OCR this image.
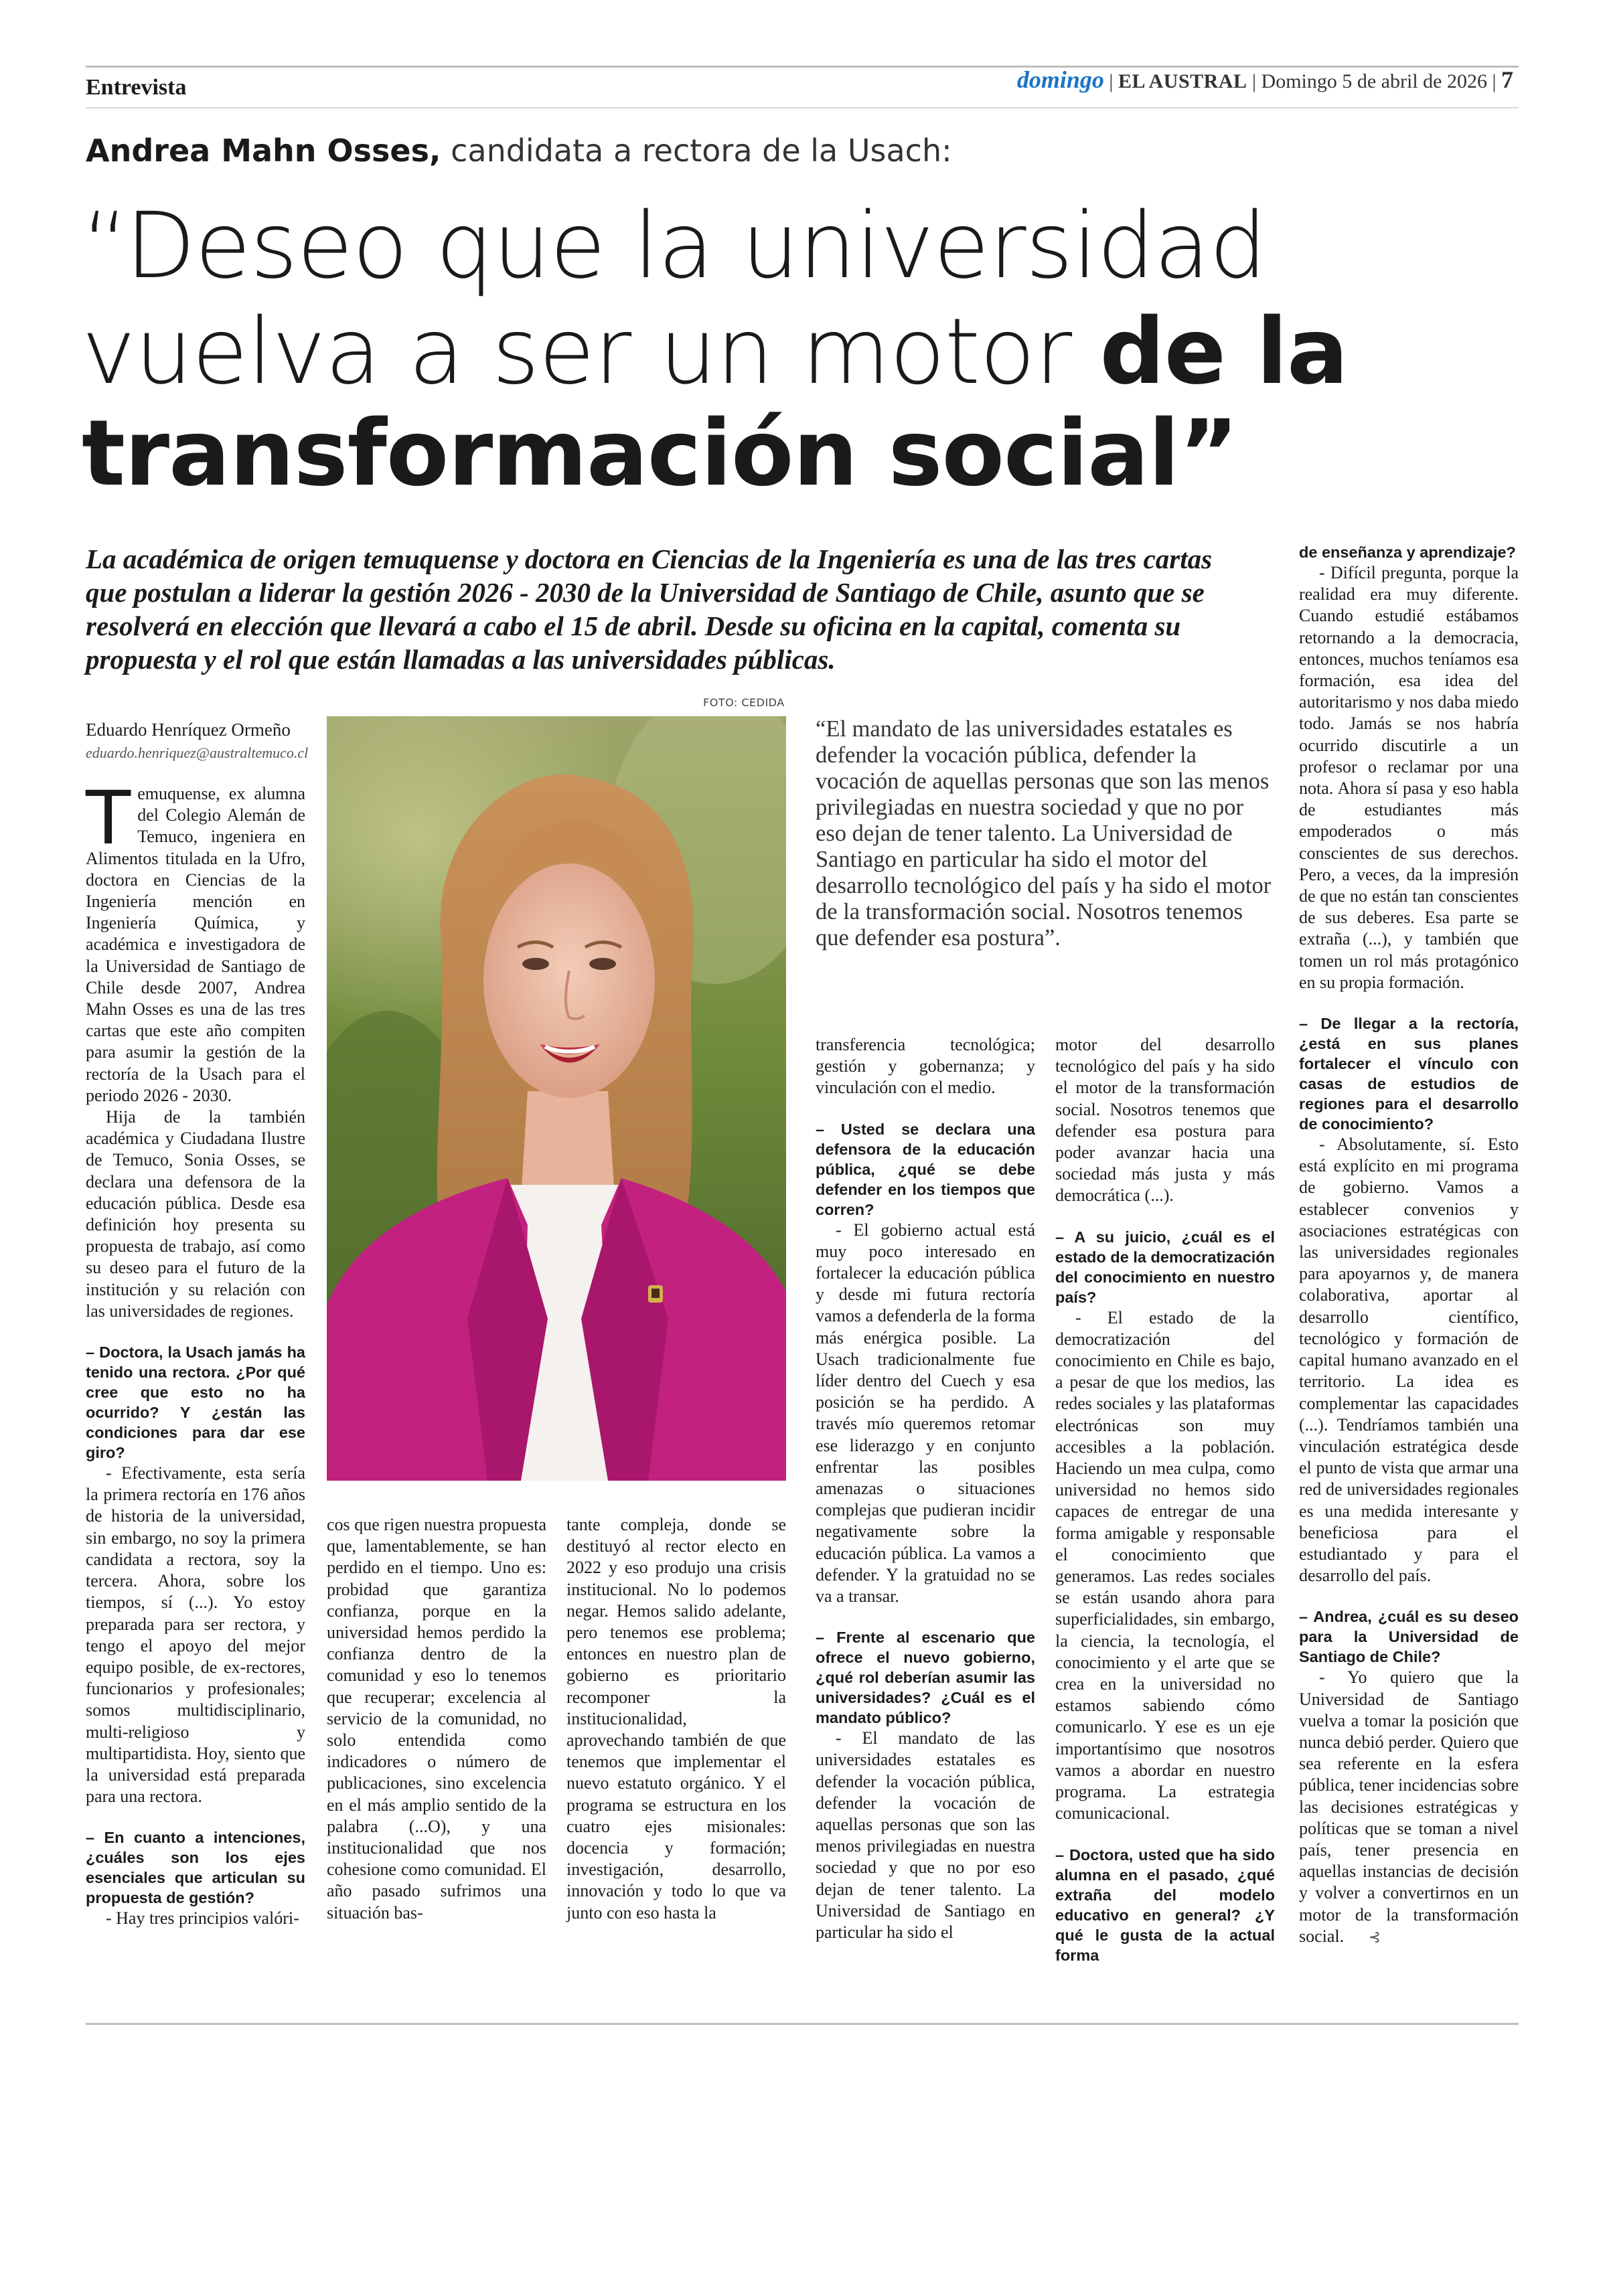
Entrevista	domingo | EL AUSTRAL | Domingo 5 de abril de 2026 | 7
Andrea Mahn Osses, candidata a rectora de la Usach:
“Deseo que la universidad
vuelva a ser un motor de la
transformación social”
La académica de origen temuquense y doctora en Ciencias de la Ingeniería es una de las tres cartas que postulan a liderar la gestión 2026 - 2030 de la Universidad de Santiago de Chile, asunto que se resolverá en elección que llevará a cabo el 15 de abril. Desde su oficina en la capital, comenta su propuesta y el rol que están llamadas a las universidades públicas.
FOTO: CEDIDA
Eduardo Henríquez Ormeño
eduardo.henriquez@australtemuco.cl
“El mandato de las universidades estatales es defender la vocación pública, defender la vocación de aquellas personas que son las menos privilegiadas en nuestra sociedad y que no por eso dejan de tener talento. La Universidad de Santiago en particular ha sido el motor del desarrollo tecnológico del país y ha sido el motor de la transformación social. Nosotros tenemos que defender esa postura”.

Temuquense, ex alumna del Colegio Alemán de Temuco, ingeniera en Alimentos titulada en la Ufro, doctora en Ciencias de la Ingeniería mención en Ingeniería Química, y académica e investigadora de la Universidad de Santiago de Chile desde 2007, Andrea Mahn Osses es una de las tres cartas que este año compiten para asumir la gestión de la rectoría de la Usach para el periodo 2026 - 2030.

Hija de la también académica y Ciudadana Ilustre de Temuco, Sonia Osses, se declara una defensora de la educación pública. Desde esa definición hoy presenta su propuesta de trabajo, así como su deseo para el futuro de la institución y su relación con las universidades de regiones.

– Doctora, la Usach jamás ha tenido una rectora. ¿Por qué cree que esto no ha ocurrido? Y ¿están las condiciones para dar ese giro?

- Efectivamente, esta sería la primera rectoría en 176 años de historia de la universidad, sin embargo, no soy la primera candidata a rectora, soy la tercera. Ahora, sobre los tiempos, sí (...). Yo estoy preparada para ser rectora, y tengo el apoyo del mejor equipo posible, de ex-rectores, funcionarios y profesionales; somos multidisciplinario, multi-religioso y multipartidista. Hoy, siento que la universidad está preparada para una rectora.

– En cuanto a intenciones, ¿cuáles son los ejes esenciales que articulan su propuesta de gestión?

- Hay tres principios valóri-

cos que rigen nuestra propuesta que, lamentablemente, se han perdido en el tiempo. Uno es: probidad que garantiza confianza, porque en la universidad hemos perdido la confianza dentro de la comunidad y eso lo tenemos que recuperar; excelencia al servicio de la comunidad, no solo entendida como indicadores o número de publicaciones, sino excelencia en el más amplio sentido de la palabra (...O), y una institucionalidad que nos cohesione como comunidad. El año pasado sufrimos una situación bas-

tante compleja, donde se destituyó al rector electo en 2022 y eso produjo una crisis institucional. No lo podemos negar. Hemos salido adelante, pero tenemos ese problema; entonces en nuestro plan de gobierno es prioritario recomponer la institucionalidad, aprovechando también de que tenemos que implementar el nuevo estatuto orgánico. Y el programa se estructura en los cuatro ejes misionales: docencia y formación; investigación, desarrollo, innovación y todo lo que va junto con eso hasta la

transferencia tecnológica; gestión y gobernanza; y vinculación con el medio.

– Usted se declara una defensora de la educación pública, ¿qué se debe defender en los tiempos que corren?

- El gobierno actual está muy poco interesado en fortalecer la educación pública y desde mi futura rectoría vamos a defenderla de la forma más enérgica posible. La Usach tradicionalmente fue líder dentro del Cuech y esa posición se ha perdido. A través mío queremos retomar ese liderazgo y en conjunto enfrentar las posibles amenazas o situaciones complejas que pudieran incidir negativamente sobre la educación pública. La vamos a defender. Y la gratuidad no se va a transar.

– Frente al escenario que ofrece el nuevo gobierno, ¿qué rol deberían asumir las universidades? ¿Cuál es el mandato público?

- El mandato de las universidades estatales es defender la vocación pública, defender la vocación de aquellas personas que son las menos privilegiadas en nuestra sociedad y que no por eso dejan de tener talento. La Universidad de Santiago en particular ha sido el

motor del desarrollo tecnológico del país y ha sido el motor de la transformación social. Nosotros tenemos que defender esa postura para poder avanzar hacia una sociedad más justa y más democrática (...).

– A su juicio, ¿cuál es el estado de la democratización del conocimiento en nuestro país?

- El estado de la democratización del conocimiento en Chile es bajo, a pesar de que los medios, las redes sociales y las plataformas electrónicas son muy accesibles a la población. Haciendo un mea culpa, como universidad no hemos sido capaces de entregar de una forma amigable y responsable el conocimiento que generamos. Las redes sociales se están usando ahora para superficialidades, sin embargo, la ciencia, la tecnología, el conocimiento y el arte que se crea en la universidad no estamos sabiendo cómo comunicarlo. Y ese es un eje importantísimo que nosotros vamos a abordar en nuestro programa. La estrategia comunicacional.

– Doctora, usted que ha sido alumna en el pasado, ¿qué extraña del modelo educativo en general? ¿Y qué le gusta de la actual forma

de enseñanza y aprendizaje?

- Difícil pregunta, porque la realidad era muy diferente. Cuando estudié estábamos retornando a la democracia, entonces, muchos teníamos esa formación, esa idea del autoritarismo y nos daba miedo todo. Jamás se nos habría ocurrido discutirle a un profesor o reclamar por una nota. Ahora sí pasa y eso habla de estudiantes más empoderados o más conscientes de sus derechos. Pero, a veces, da la impresión de que no están tan conscientes de sus deberes. Esa parte se extraña (...), y también que tomen un rol más protagónico en su propia formación.

– De llegar a la rectoría, ¿está en sus planes fortalecer el vínculo con casas de estudios de regiones para el desarrollo de conocimiento?

- Absolutamente, sí. Esto está explícito en mi programa de gobierno. Vamos a establecer convenios y asociaciones estratégicas con las universidades regionales para apoyarnos y, de manera colaborativa, aportar al desarrollo científico, tecnológico y formación de capital humano avanzado en el territorio. La idea es complementar las capacidades (...). Tendríamos también una vinculación estratégica desde el punto de vista que armar una red de universidades regionales es una medida interesante y beneficiosa para el estudiantado y para el desarrollo del país.

– Andrea, ¿cuál es su deseo para la Universidad de Santiago de Chile?

- Yo quiero que la Universidad de Santiago vuelva a tomar la posición que nunca debió perder. Quiero que sea referente en la esfera pública, tener incidencias sobre las decisiones estratégicas y políticas que se toman a nivel país, tener presencia en aquellas instancias de decisión y volver a convertirnos en un motor de la transformación social. ⊰
